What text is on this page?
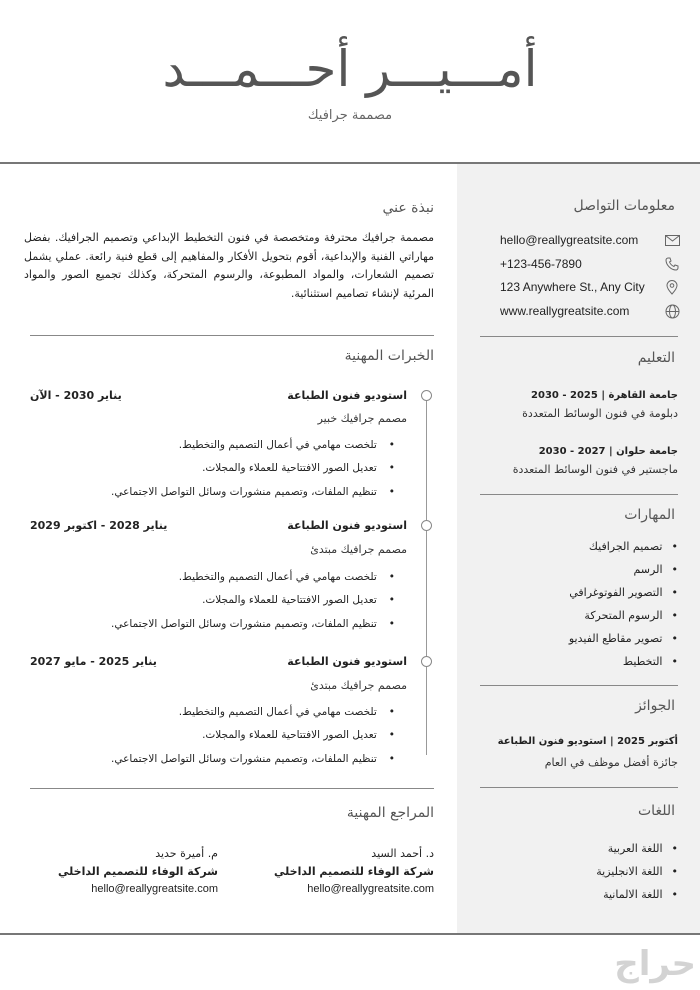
أمـــيـــر أحـــمـــد
مصممة جرافيك
معلومات التواصل
hello@reallygreatsite.com
+123-456-7890
123 Anywhere St., Any City
www.reallygreatsite.com
التعليم
جامعة القاهرة | 2025 - 2030
دبلومة في فنون الوسائط المتعددة
جامعة حلوان | 2027 - 2030
ماجستير في فنون الوسائط المتعددة
المهارات
• تصميم الجرافيك
• الرسم
• التصوير الفوتوغرافي
• الرسوم المتحركة
• تصوير مقاطع الفيديو
• التخطيط
الجوائز
أكتوبر 2025 | استوديو فنون الطباعة
جائزة أفضل موظف في العام
اللغات
• اللغة العربية
• اللغة الانجليزية
• اللغة الالمانية
نبذة عني

مصممة جرافيك محترفة ومتخصصة في فنون التخطيط الإبداعي وتصميم الجرافيك. بفضل مهاراتي الفنية والإبداعية، أقوم بتحويل الأفكار والمفاهيم إلى قطع فنية رائعة. عملي يشمل تصميم الشعارات، والمواد المطبوعة، والرسوم المتحركة، وكذلك تجميع الصور والمواد المرئية لإنشاء تصاميم استثنائية.

الخبرات المهنية
استوديو فنون الطباعة
يناير 2030 - الآن
مصمم جرافيك خبير
• تلخصت مهامي في أعمال التصميم والتخطيط.
• تعديل الصور الافتتاحية للعملاء والمجلات.
• تنظيم الملفات، وتصميم منشورات وسائل التواصل الاجتماعي.
استوديو فنون الطباعة
يناير 2028 - اكتوبر 2029
مصمم جرافيك مبتدئ
• تلخصت مهامي في أعمال التصميم والتخطيط.
• تعديل الصور الافتتاحية للعملاء والمجلات.
• تنظيم الملفات، وتصميم منشورات وسائل التواصل الاجتماعي.
استوديو فنون الطباعة
يناير 2025 - مايو 2027
مصمم جرافيك مبتدئ
• تلخصت مهامي في أعمال التصميم والتخطيط.
• تعديل الصور الافتتاحية للعملاء والمجلات.
• تنظيم الملفات، وتصميم منشورات وسائل التواصل الاجتماعي.
المراجع المهنية
د. أحمد السيد
شركة الوفاء للتصميم الداخلي
hello@reallygreatsite.com
م. أميرة حديد
شركة الوفاء للتصميم الداخلي
hello@reallygreatsite.com
حراج
